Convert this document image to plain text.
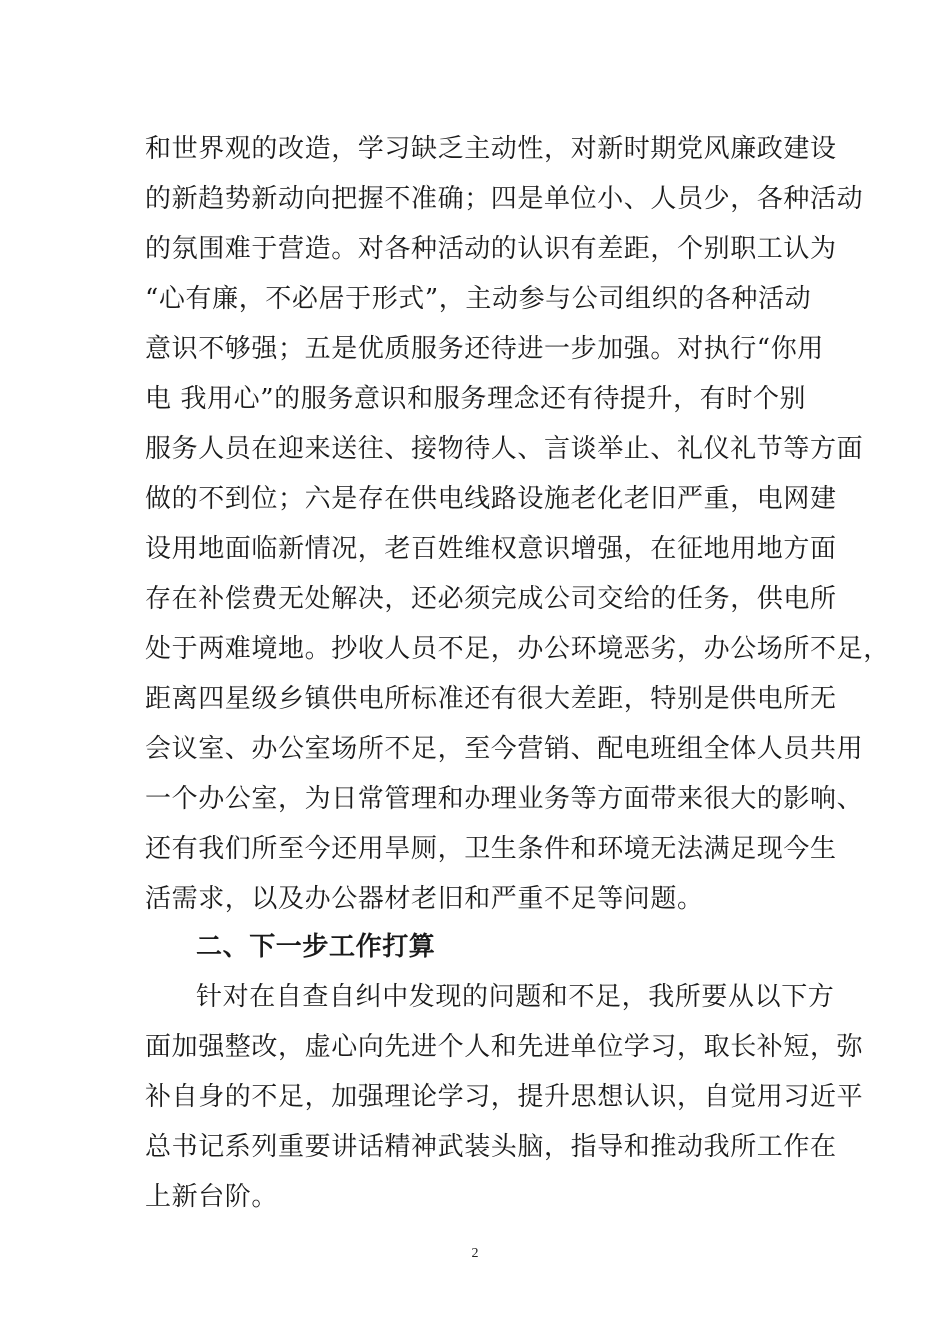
和世界观的改造，学习缺乏主动性，对新时期党风廉政建设
的新趋势新动向把握不准确；四是单位小、人员少，各种活动
的氛围难于营造。对各种活动的认识有差距，个别职工认为
“心有廉，不必居于形式”，主动参与公司组织的各种活动
意识不够强；五是优质服务还待进一步加强。对执行“你用
电 我用心”的服务意识和服务理念还有待提升，有时个别
服务人员在迎来送往、接物待人、言谈举止、礼仪礼节等方面
做的不到位；六是存在供电线路设施老化老旧严重，电网建
设用地面临新情况，老百姓维权意识增强，在征地用地方面
存在补偿费无处解决，还必须完成公司交给的任务，供电所
处于两难境地。抄收人员不足，办公环境恶劣，办公场所不足，
距离四星级乡镇供电所标准还有很大差距，特别是供电所无
会议室、办公室场所不足，至今营销、配电班组全体人员共用
一个办公室，为日常管理和办理业务等方面带来很大的影响、
还有我们所至今还用旱厕，卫生条件和环境无法满足现今生
活需求，以及办公器材老旧和严重不足等问题。
二、下一步工作打算
针对在自查自纠中发现的问题和不足，我所要从以下方
面加强整改，虚心向先进个人和先进单位学习，取长补短，弥
补自身的不足，加强理论学习，提升思想认识，自觉用习近平
总书记系列重要讲话精神武装头脑，指导和推动我所工作在
上新台阶。
2
